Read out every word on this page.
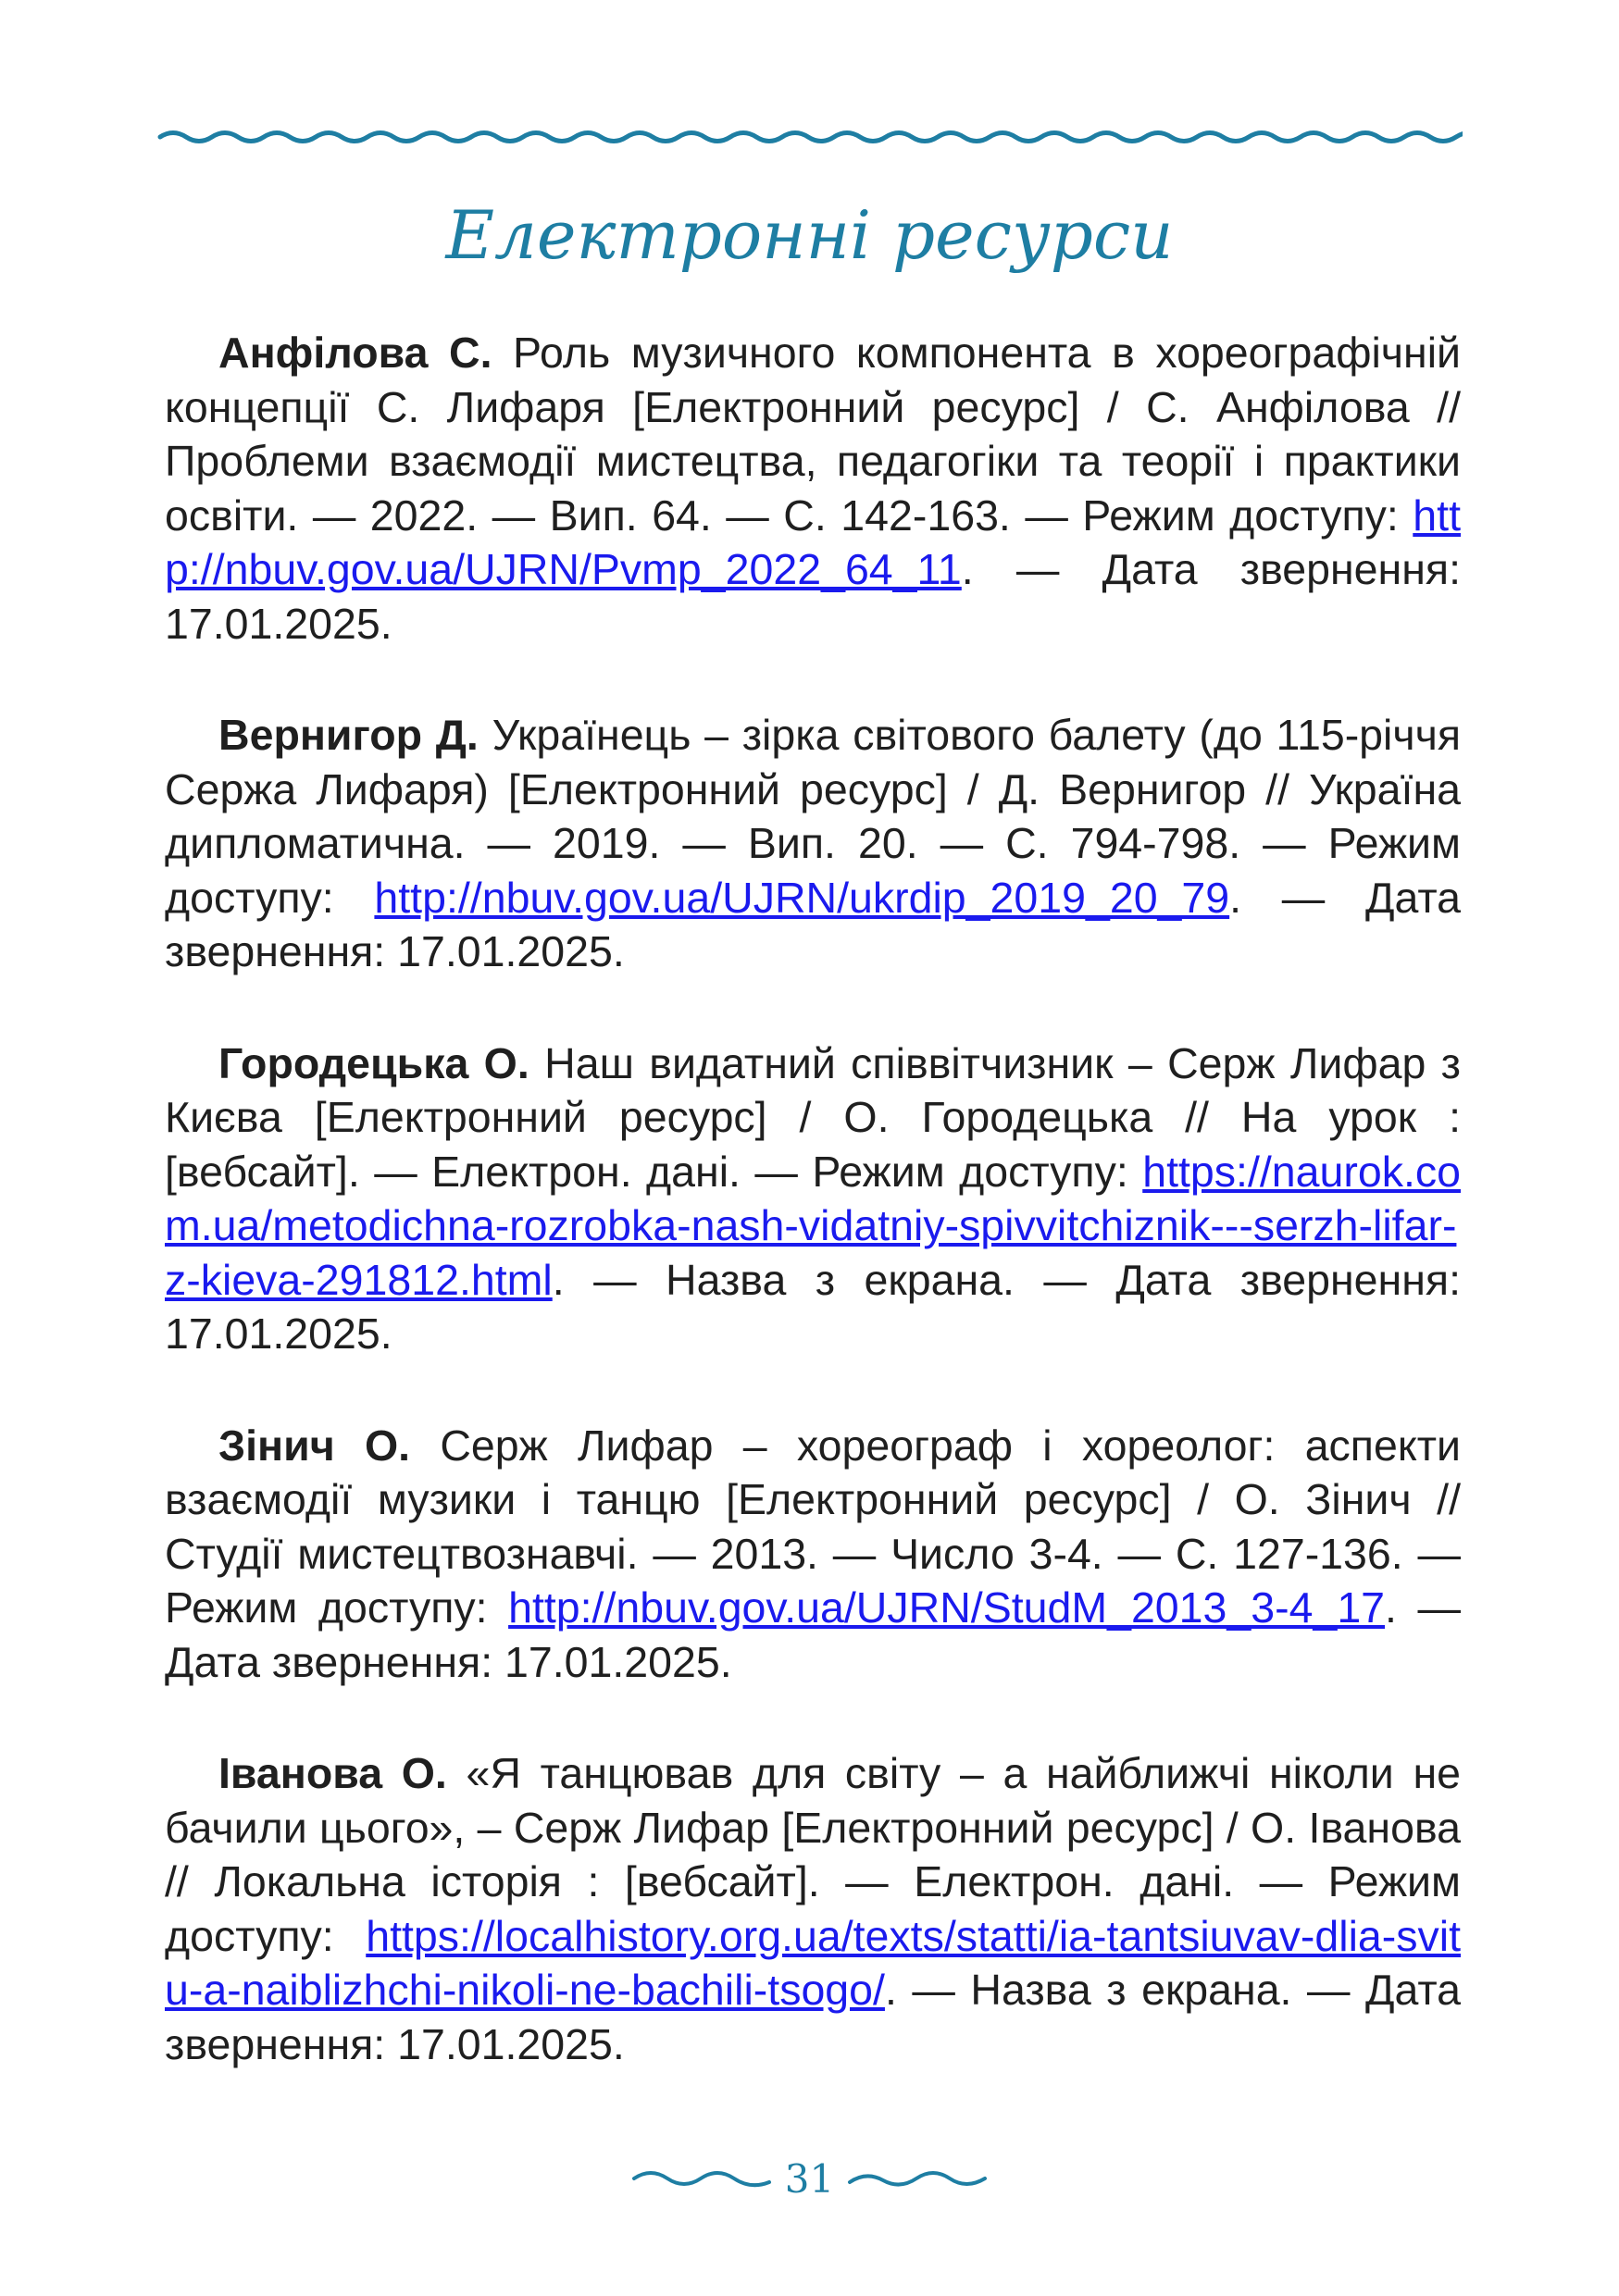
Електронні ресурси

Анфілова С. Роль музичного компонента в хореографічній концепції С. Лифаря [Електронний ресурс] / С. Анфілова // Проблеми взаємодії мистецтва, педагогіки та теорії і практики освіти. — 2022. — Вип. 64. — С. 142-163. — Режим доступу: http://nbuv.gov.ua/UJRN/Pvmp_2022_64_11. — Дата звернення: 17.01.2025.

Вернигор Д. Українець – зірка світового балету (до 115-річчя Сержа Лифаря) [Електронний ресурс] / Д. Вернигор // Україна дипломатична. — 2019. — Вип. 20. — С. 794-798. — Режим доступу: http://nbuv.gov.ua/UJRN/ukrdip_2019_20_79. — Дата звернення: 17.01.2025.

Городецька О. Наш видатний співвітчизник – Серж Лифар з Києва [Електронний ресурс] / О. Городецька // На урок : [вебсайт]. — Електрон. дані. — Режим доступу: https://naurok.com.ua/metodichna-rozrobka-nash-vidatniy-spivvitchiznik---serzh-lifar-z-kieva-291812.html. — Назва з екрана. — Дата звернення: 17.01.2025.

Зінич О. Серж Лифар – хореограф і хореолог: аспекти взаємодії музики і танцю [Електронний ресурс] / О. Зінич // Студії мистецтвознавчі. — 2013. — Число 3-4. — С. 127-136. — Режим доступу: http://nbuv.gov.ua/UJRN/StudM_2013_3-4_17. — Дата звернення: 17.01.2025.

Іванова О. «Я танцював для світу – а найближчі ніколи не бачили цього», – Серж Лифар [Електронний ресурс] / О. Іванова // Локальна історія : [вебсайт]. — Електрон. дані. — Режим доступу: https://localhistory.org.ua/texts/statti/ia-tantsiuvav-dlia-svitu-a-naiblizhchi-nikoli-ne-bachili-tsogo/. — Назва з екрана. — Дата звернення: 17.01.2025.

31
